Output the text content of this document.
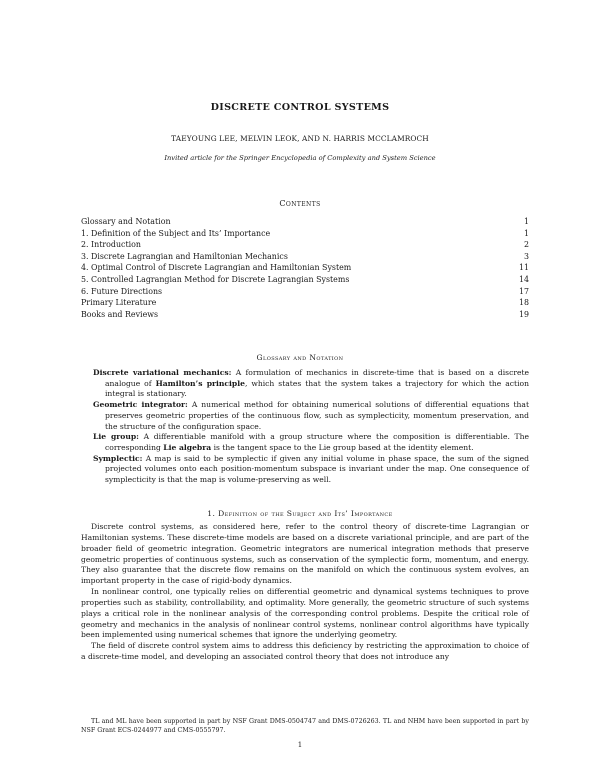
DISCRETE CONTROL SYSTEMS
TAEYOUNG LEE, MELVIN LEOK, AND N. HARRIS MCCLAMROCH
Invited article for the Springer Encyclopedia of Complexity and System Science
Contents
Glossary and Notation	1
1. Definition of the Subject and Its’ Importance	1
2. Introduction	2
3. Discrete Lagrangian and Hamiltonian Mechanics	3
4. Optimal Control of Discrete Lagrangian and Hamiltonian System	11
5. Controlled Lagrangian Method for Discrete Lagrangian Systems	14
6. Future Directions	17
Primary Literature	18
Books and Reviews	19
Glossary and Notation
Discrete variational mechanics: A formulation of mechanics in discrete-time that is based on a discrete analogue of Hamilton’s principle, which states that the system takes a trajectory for which the action integral is stationary.
Geometric integrator: A numerical method for obtaining numerical solutions of differential equations that preserves geometric properties of the continuous flow, such as symplecticity, momentum preservation, and the structure of the configuration space.
Lie group: A differentiable manifold with a group structure where the composition is differentiable. The corresponding Lie algebra is the tangent space to the Lie group based at the identity element.
Symplectic: A map is said to be symplectic if given any initial volume in phase space, the sum of the signed projected volumes onto each position-momentum subspace is invariant under the map. One consequence of symplecticity is that the map is volume-preserving as well.
1. Definition of the Subject and Its’ Importance

Discrete control systems, as considered here, refer to the control theory of discrete-time Lagrangian or Hamiltonian systems. These discrete-time models are based on a discrete variational principle, and are part of the broader field of geometric integration. Geometric integrators are numerical integration methods that preserve geometric properties of continuous systems, such as conservation of the symplectic form, momentum, and energy. They also guarantee that the discrete flow remains on the manifold on which the continuous system evolves, an important property in the case of rigid-body dynamics.

In nonlinear control, one typically relies on differential geometric and dynamical systems techniques to prove properties such as stability, controllability, and optimality. More generally, the geometric structure of such systems plays a critical role in the nonlinear analysis of the corresponding control problems. Despite the critical role of geometry and mechanics in the analysis of nonlinear control systems, nonlinear control algorithms have typically been implemented using numerical schemes that ignore the underlying geometry.

The field of discrete control system aims to address this deficiency by restricting the approximation to choice of a discrete-time model, and developing an associated control theory that does not introduce any

TL and ML have been supported in part by NSF Grant DMS-0504747 and DMS-0726263. TL and NHM have been supported in part by NSF Grant ECS-0244977 and CMS-0555797.
1
